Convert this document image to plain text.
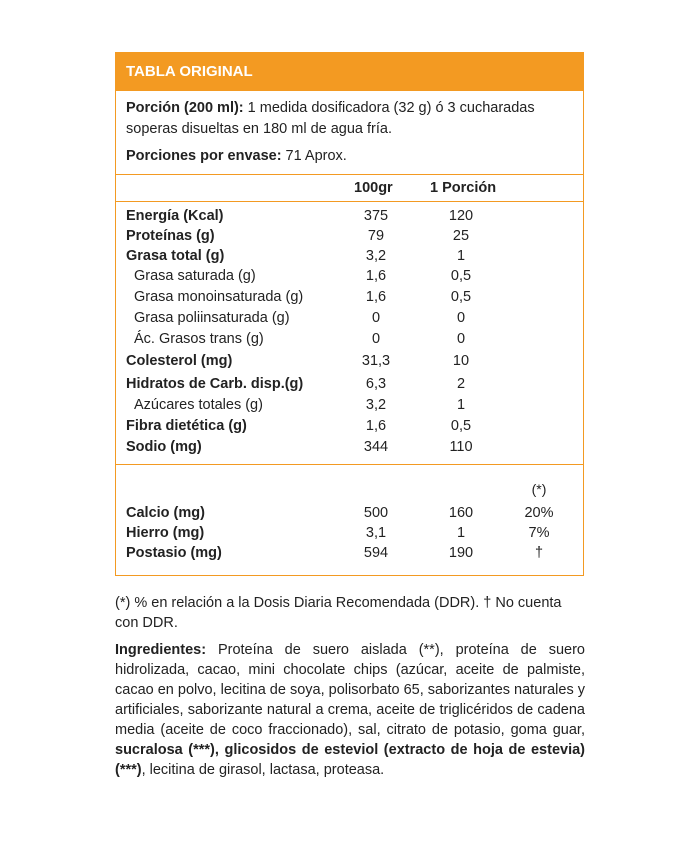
TABLA ORIGINAL
Porción (200 ml): 1 medida dosificadora (32 g) ó 3 cucharadas soperas disueltas en 180 ml de agua fría.
Porciones por envase: 71 Aprox.
100gr	1 Porción
Energía (Kcal)	375	120
Proteínas (g)	79	25
Grasa total (g)	3,2	1
Grasa saturada (g)	1,6	0,5
Grasa monoinsaturada (g)	1,6	0,5
Grasa poliinsaturada (g)	0	0
Ác. Grasos trans (g)	0	0
Colesterol (mg)	31,3	10
Hidratos de Carb. disp.(g)	6,3	2
Azúcares totales (g)	3,2	1
Fibra dietética (g)	1,6	0,5
Sodio (mg)	344	110
(*)
Calcio (mg)	500	160	20%
Hierro (mg)	3,1	1	7%
Postasio (mg)	594	190	†
(*) % en relación a la Dosis Diaria Recomendada (DDR). † No cuenta con DDR.
Ingredientes: Proteína de suero aislada (**), proteína de suero hidrolizada, cacao, mini chocolate chips (azúcar, aceite de palmiste, cacao en polvo, lecitina de soya, polisorbato 65, saborizantes naturales y artificiales, saborizante natural a crema, aceite de triglicéridos de cadena media (aceite de coco fraccionado), sal, citrato de potasio, goma guar, sucralosa (***), glicosidos de esteviol (extracto de hoja de estevia) (***), lecitina de girasol, lactasa, proteasa.
